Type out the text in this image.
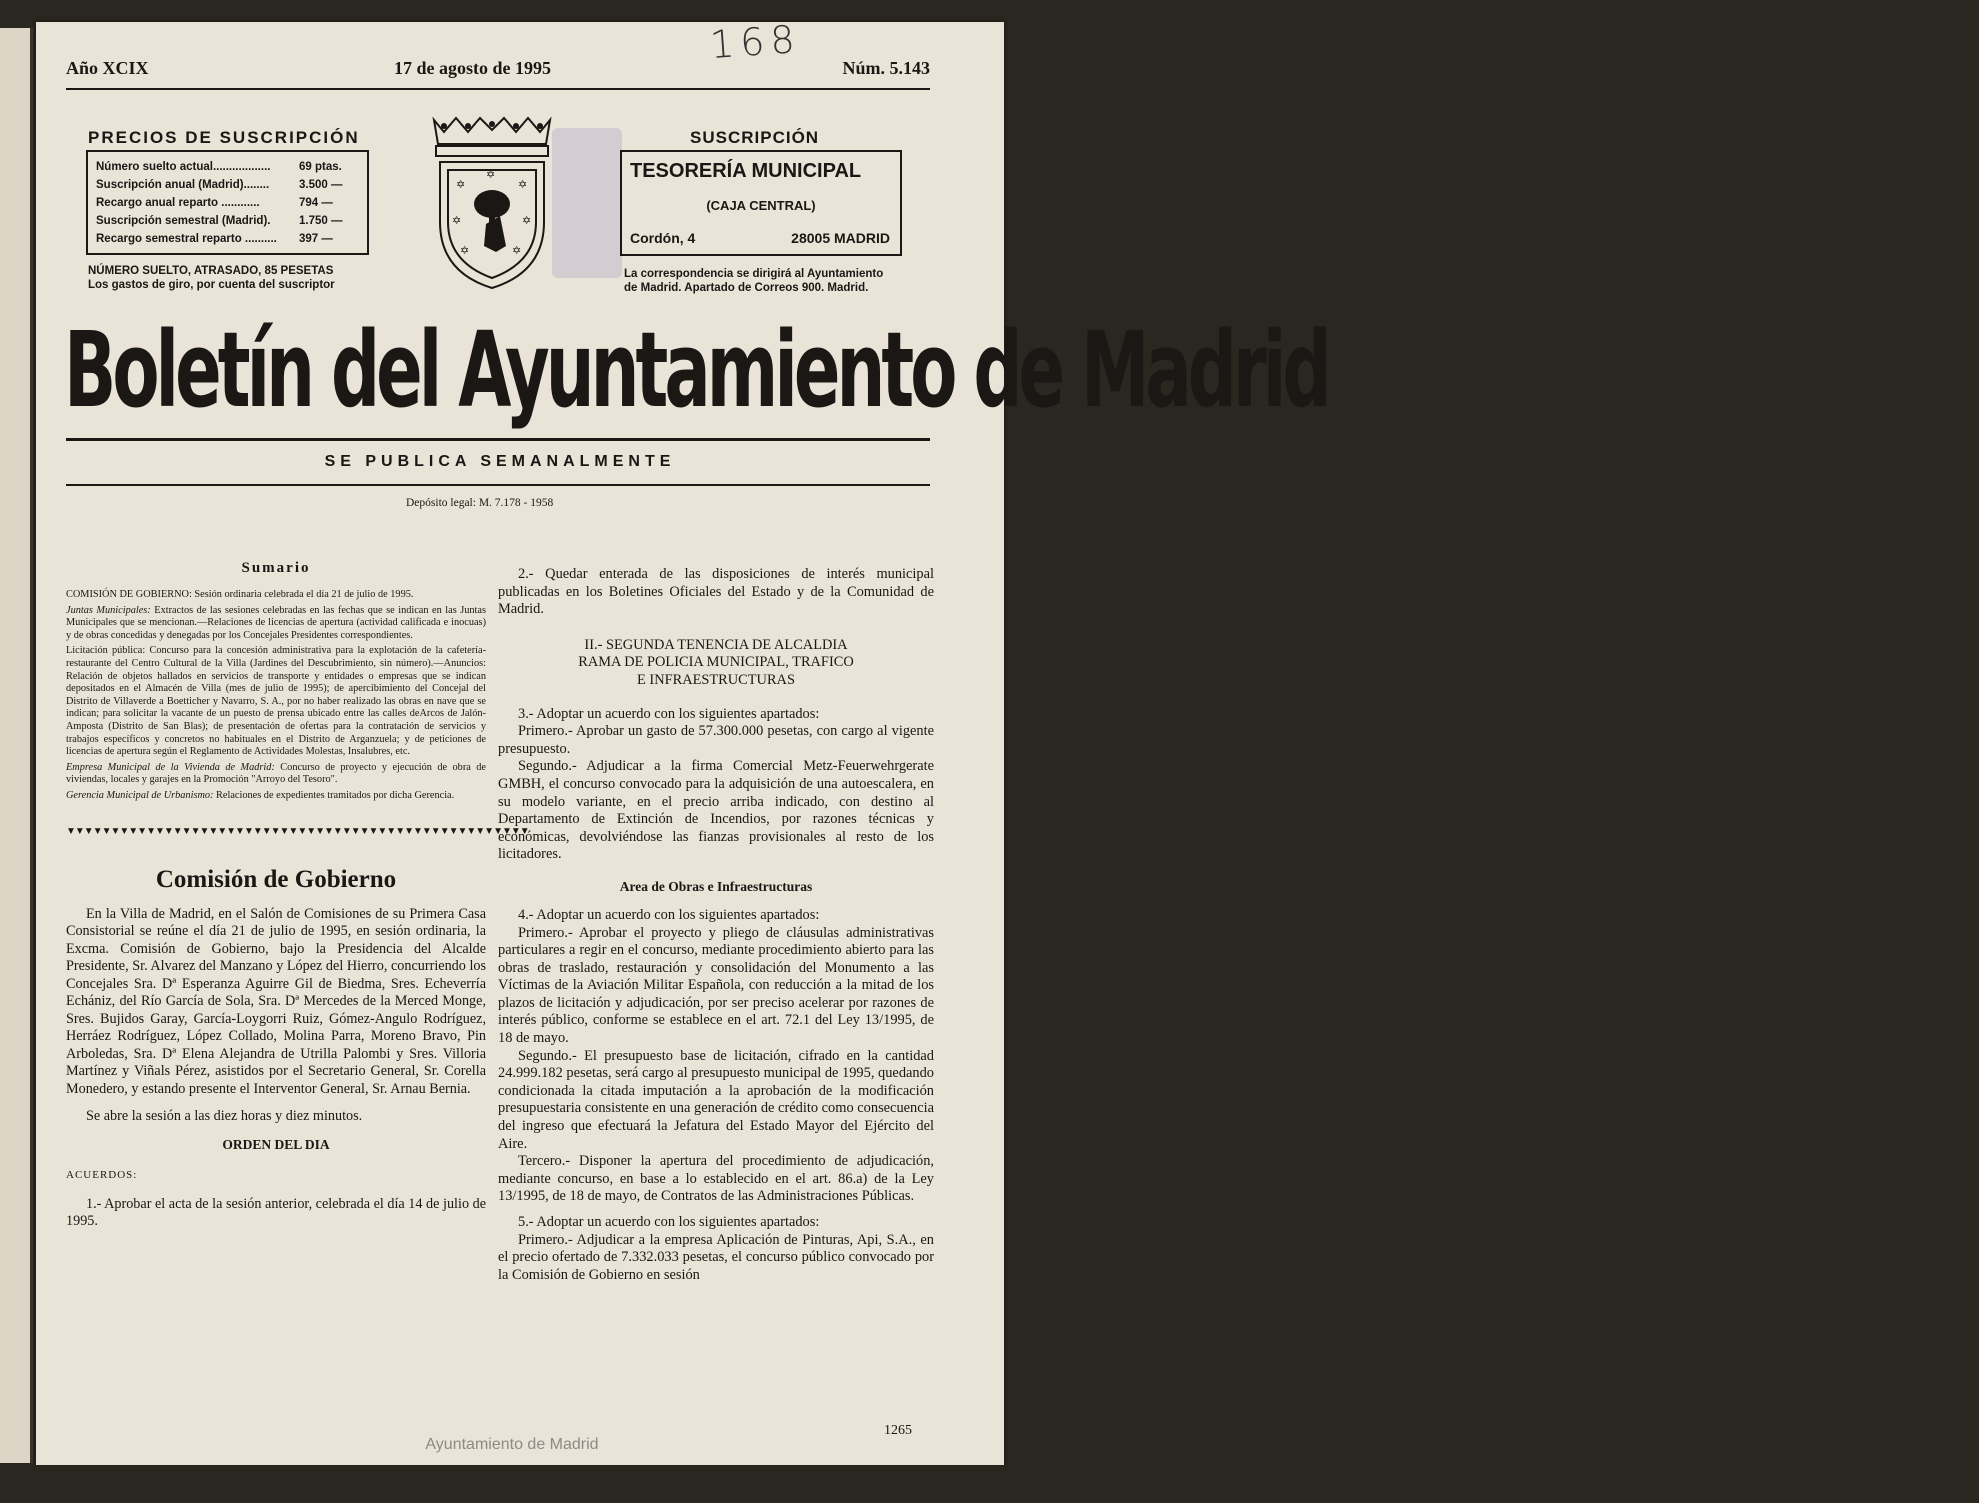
168
Año XCIX	17 de agosto de 1995	Núm. 5.143
PRECIOS DE SUSCRIPCIÓN
Número suelto actual.................. 69 ptas.
Suscripción anual (Madrid)........	3.500 —
Recargo anual reparto ............	794 —
Suscripción semestral (Madrid). 1.750 —
Recargo semestral reparto .......... 397 —
NÚMERO SUELTO, ATRASADO, 85 PESETAS
Los gastos de giro, por cuenta del suscriptor
✡	✡
✡	✡
✡	✡
✡
SUSCRIPCIÓN
TESORERÍA MUNICIPAL
(CAJA CENTRAL)
Cordón, 4	28005 MADRID
La correspondencia se dirigirá al Ayuntamiento
de Madrid. Apartado de Correos 900. Madrid.
Boletín del Ayuntamiento de Madrid
SE PUBLICA SEMANALMENTE
Depósito legal: M. 7.178 - 1958
Sumario

COMISIÓN DE GOBIERNO: Sesión ordinaria celebrada el día 21 de julio de 1995.

Juntas Municipales: Extractos de las sesiones celebradas en las fechas que se indican en las Juntas Municipales que se mencionan.—Relaciones de licencias de apertura (actividad calificada e inocuas) y de obras concedidas y denegadas por los Concejales Presidentes correspondientes.

Licitación pública: Concurso para la concesión administrativa para la explotación de la cafetería-restaurante del Centro Cultural de la Villa (Jardines del Descubrimiento, sin número).—Anuncios: Relación de objetos hallados en servicios de transporte y entidades o empresas que se indican depositados en el Almacén de Villa (mes de julio de 1995); de apercibimiento del Concejal del Distrito de Villaverde a Boetticher y Navarro, S. A., por no haber realizado las obras en nave que se indican; para solicitar la vacante de un puesto de prensa ubicado entre las calles deArcos de Jalón-Amposta (Distrito de San Blas); de presentación de ofertas para la contratación de servicios y trabajos específicos y concretos no habituales en el Distrito de Arganzuela; y de peticiones de licencias de apertura según el Reglamento de Actividades Molestas, Insalubres, etc.

Empresa Municipal de la Vivienda de Madrid: Concurso de proyecto y ejecución de obra de viviendas, locales y garajes en la Promoción "Arroyo del Tesoro".

Gerencia Municipal de Urbanismo: Relaciones de expedientes tramitados por dicha Gerencia.

▼▼▼▼▼▼▼▼▼▼▼▼▼▼▼▼▼▼▼▼▼▼▼▼▼▼▼▼▼▼▼▼▼▼▼▼▼▼▼▼▼▼▼▼▼▼▼▼▼▼▼▼
Comisión de Gobierno

En la Villa de Madrid, en el Salón de Comisiones de su Primera Casa Consistorial se reúne el día 21 de julio de 1995, en sesión ordinaria, la Excma. Comisión de Gobierno, bajo la Presidencia del Alcalde Presidente, Sr. Alvarez del Manzano y López del Hierro, concurriendo los Concejales Sra. Dª Esperanza Aguirre Gil de Biedma, Sres. Echeverría Echániz, del Río García de Sola, Sra. Dª Mercedes de la Merced Monge, Sres. Bujidos Garay, García-Loygorri Ruiz, Gómez-Angulo Rodríguez, Herráez Rodríguez, López Collado, Molina Parra, Moreno Bravo, Pin Arboledas, Sra. Dª Elena Alejandra de Utrilla Palombi y Sres. Villoria Martínez y Viñals Pérez, asistidos por el Secretario General, Sr. Corella Monedero, y estando presente el Interventor General, Sr. Arnau Bernia.

Se abre la sesión a las diez horas y diez minutos.

ORDEN DEL DIA
ACUERDOS:

1.- Aprobar el acta de la sesión anterior, celebrada el día 14 de julio de 1995.

2.- Quedar enterada de las disposiciones de interés municipal publicadas en los Boletines Oficiales del Estado y de la Comunidad de Madrid.

II.- SEGUNDA TENENCIA DE ALCALDIA
RAMA DE POLICIA MUNICIPAL, TRAFICO
E INFRAESTRUCTURAS

3.- Adoptar un acuerdo con los siguientes apartados:

Primero.- Aprobar un gasto de 57.300.000 pesetas, con cargo al vigente presupuesto.

Segundo.- Adjudicar a la firma Comercial Metz-Feuerwehrgerate GMBH, el concurso convocado para la adquisición de una autoescalera, en su modelo variante, en el precio arriba indicado, con destino al Departamento de Extinción de Incendios, por razones técnicas y económicas, devolviéndose las fianzas provisionales al resto de los licitadores.

Area de Obras e Infraestructuras

4.- Adoptar un acuerdo con los siguientes apartados:

Primero.- Aprobar el proyecto y pliego de cláusulas administrativas particulares a regir en el concurso, mediante procedimiento abierto para las obras de traslado, restauración y consolidación del Monumento a las Víctimas de la Aviación Militar Española, con reducción a la mitad de los plazos de licitación y adjudicación, por ser preciso acelerar por razones de interés público, conforme se establece en el art. 72.1 del Ley 13/1995, de 18 de mayo.

Segundo.- El presupuesto base de licitación, cifrado en la cantidad 24.999.182 pesetas, será cargo al presupuesto municipal de 1995, quedando condicionada la citada imputación a la aprobación de la modificación presupuestaria consistente en una generación de crédito como consecuencia del ingreso que efectuará la Jefatura del Estado Mayor del Ejército del Aire.

Tercero.- Disponer la apertura del procedimiento de adjudicación, mediante concurso, en base a lo establecido en el art. 86.a) de la Ley 13/1995, de 18 de mayo, de Contratos de las Administraciones Públicas.

5.- Adoptar un acuerdo con los siguientes apartados:

Primero.- Adjudicar a la empresa Aplicación de Pinturas, Api, S.A., en el precio ofertado de 7.332.033 pesetas, el concurso público convocado por la Comisión de Gobierno en sesión

1265
Ayuntamiento de Madrid
